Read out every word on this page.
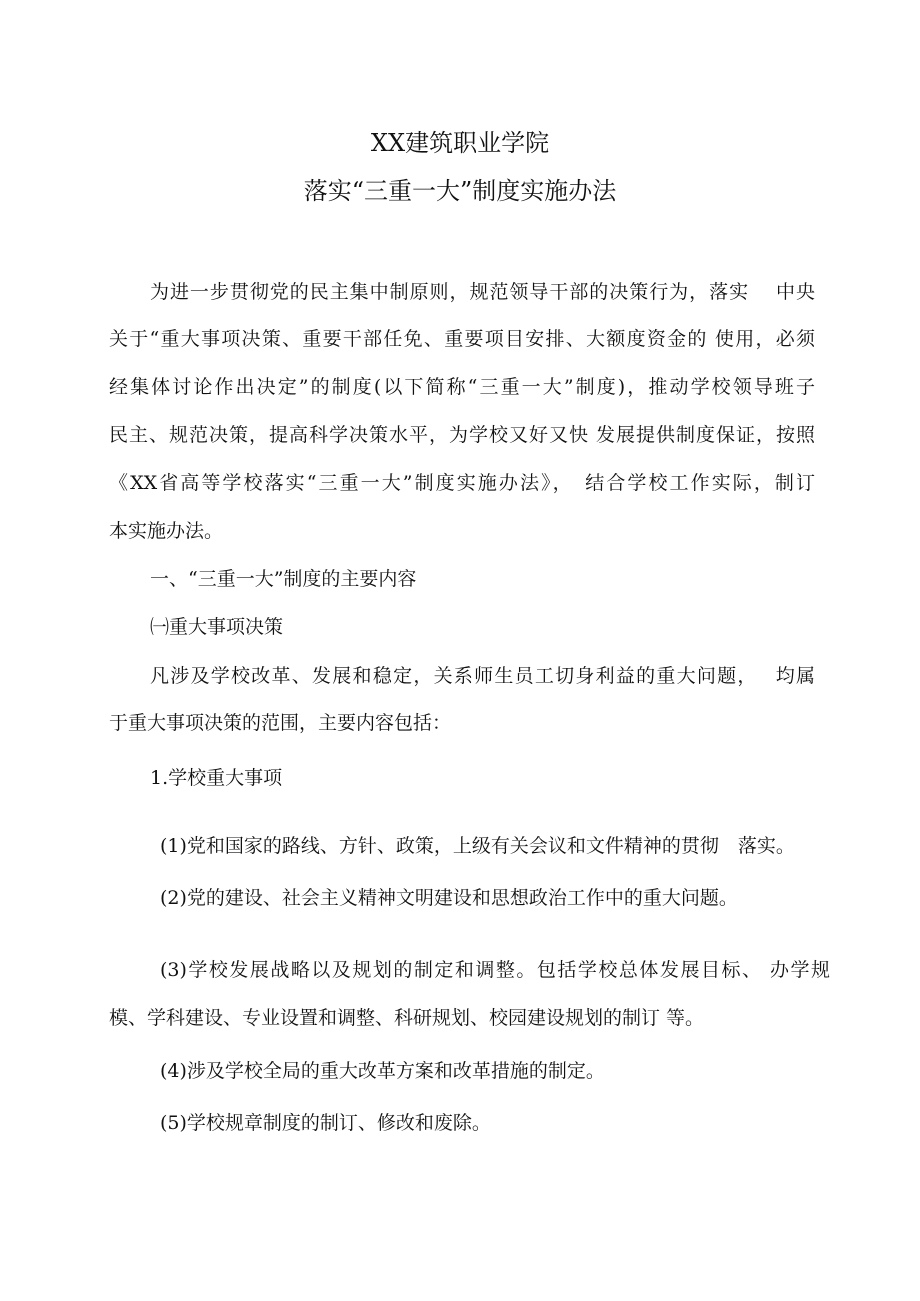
XX建筑职业学院
落实“三重一大”制度实施办法
为进一步贯彻党的民主集中制原则，规范领导干部的决策行为，落实　 中央
关于“重大事项决策、重要干部任免、重要项目安排、大额度资金的 使用，必须
经集体讨论作出决定”的制度(以下简称“三重一大”制度)，推动学校领导班子
民主、规范决策，提高科学决策水平，为学校又好又快 发展提供制度保证，按照
《XX省高等学校落实“三重一大”制度实施办法》，　结合学校工作实际，制订
本实施办法。
一、“三重一大”制度的主要内容
㈠重大事项决策
凡涉及学校改革、发展和稳定，关系师生员工切身利益的重大问题，　 均属
于重大事项决策的范围，主要内容包括：
1.学校重大事项
(1)党和国家的路线、方针、政策，上级有关会议和文件精神的贯彻　落实。
(2)党的建设、社会主义精神文明建设和思想政治工作中的重大问题。
(3)学校发展战略以及规划的制定和调整。包括学校总体发展目标、 办学规
模、学科建设、专业设置和调整、科研规划、校园建设规划的制订 等。
(4)涉及学校全局的重大改革方案和改革措施的制定。
(5)学校规章制度的制订、修改和废除。
